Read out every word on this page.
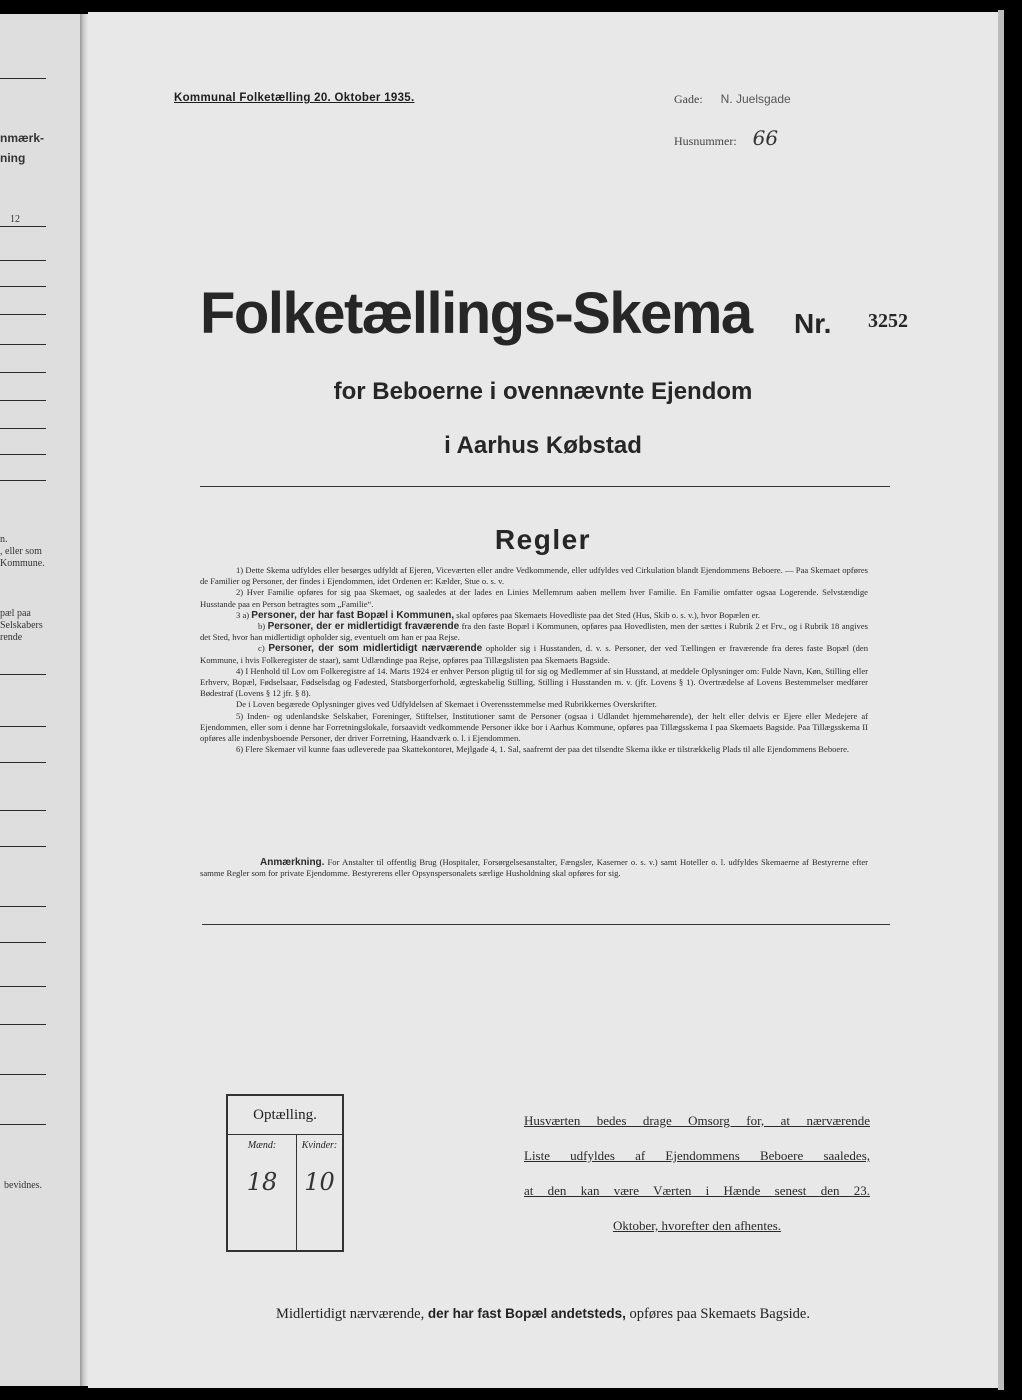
nmærk-
ning
12
n.
, eller som
Kommune.
pæl paa
Selskabers
rende
bevidnes.
Kommunal Folketælling 20. Oktober 1935.	Gade: N. Juelsgade
Husnummer: 66
Folketællings-Skema Nr. 3252
for Beboerne i ovennævnte Ejendom
i Aarhus Købstad
Regler

1) Dette Skema udfyldes eller besørges udfyldt af Ejeren, Viceværten eller andre Vedkommende, eller udfyldes ved Cirkulation blandt Ejendommens Beboere. — Paa Skemaet opføres de Familier og Personer, der findes i Ejendommen, idet Ordenen er: Kælder, Stue o. s. v.

2) Hver Familie opføres for sig paa Skemaet, og saaledes at der lades en Linies Mellemrum aaben mellem hver Familie. En Familie omfatter ogsaa Logerende. Selvstændige Husstande paa en Person betragtes som „Familie“.

3 a) Personer, der har fast Bopæl i Kommunen, skal opføres paa Skemaets Hovedliste paa det Sted (Hus, Skib o. s. v.), hvor Bopælen er.

b) Personer, der er midlertidigt fraværende fra den faste Bopæl i Kommunen, opføres paa Hovedlisten, men der sættes i Rubrik 2 et Frv., og i Rubrik 18 angives det Sted, hvor han midlertidigt opholder sig, eventuelt om han er paa Rejse.

c) Personer, der som midlertidigt nærværende opholder sig i Husstanden, d. v. s. Personer, der ved Tællingen er fraværende fra deres faste Bopæl (den Kommune, i hvis Folkeregister de staar), samt Udlændinge paa Rejse, opføres paa Tillægslisten paa Skemaets Bagside.

4) I Henhold til Lov om Folkeregistre af 14. Marts 1924 er enhver Person pligtig til for sig og Medlemmer af sin Husstand, at meddele Oplysninger om: Fulde Navn, Køn, Stilling eller Erhverv, Bopæl, Fødselsaar, Fødselsdag og Fødested, Statsborgerforhold, ægteskabelig Stilling, Stilling i Husstanden m. v. (jfr. Lovens § 1). Overtrædelse af Lovens Bestemmelser medfører Bødestraf (Lovens § 12 jfr. § 8).

De i Loven begærede Oplysninger gives ved Udfyldelsen af Skemaet i Overensstemmelse med Rubrikkernes Overskrifter.

5) Inden- og udenlandske Selskaber, Foreninger, Stiftelser, Institutioner samt de Personer (ogsaa i Udlandet hjemmehørende), der helt eller delvis er Ejere eller Medejere af Ejendommen, eller som i denne har Forretningslokale, forsaavidt vedkommende Personer ikke bor i Aarhus Kommune, opføres paa Tillægsskema I paa Skemaets Bagside. Paa Tillægsskema II opføres alle indenbysboende Personer, der driver Forretning, Haandværk o. l. i Ejendommen.

6) Flere Skemaer vil kunne faas udleverede paa Skattekontoret, Mejlgade 4, 1. Sal, saafremt der paa det tilsendte Skema ikke er tilstrækkelig Plads til alle Ejendommens Beboere.

Anmærkning. For Anstalter til offentlig Brug (Hospitaler, Forsørgelsesanstalter, Fængsler, Kaserner o. s. v.) samt Hoteller o. l. udfyldes Skemaerne af Bestyrerne efter samme Regler som for private Ejendomme. Bestyrerens eller Opsynspersonalets særlige Husholdning skal opføres for sig.
Optælling.
Mænd:
18
Kvinder:
10
Husværten bedes drage Omsorg for, at nærværende
Liste udfyldes af Ejendommens Beboere saaledes,
at den kan være Værten i Hænde senest den 23.
Oktober, hvorefter den afhentes.
Midlertidigt nærværende, der har fast Bopæl andetsteds, opføres paa Skemaets Bagside.
